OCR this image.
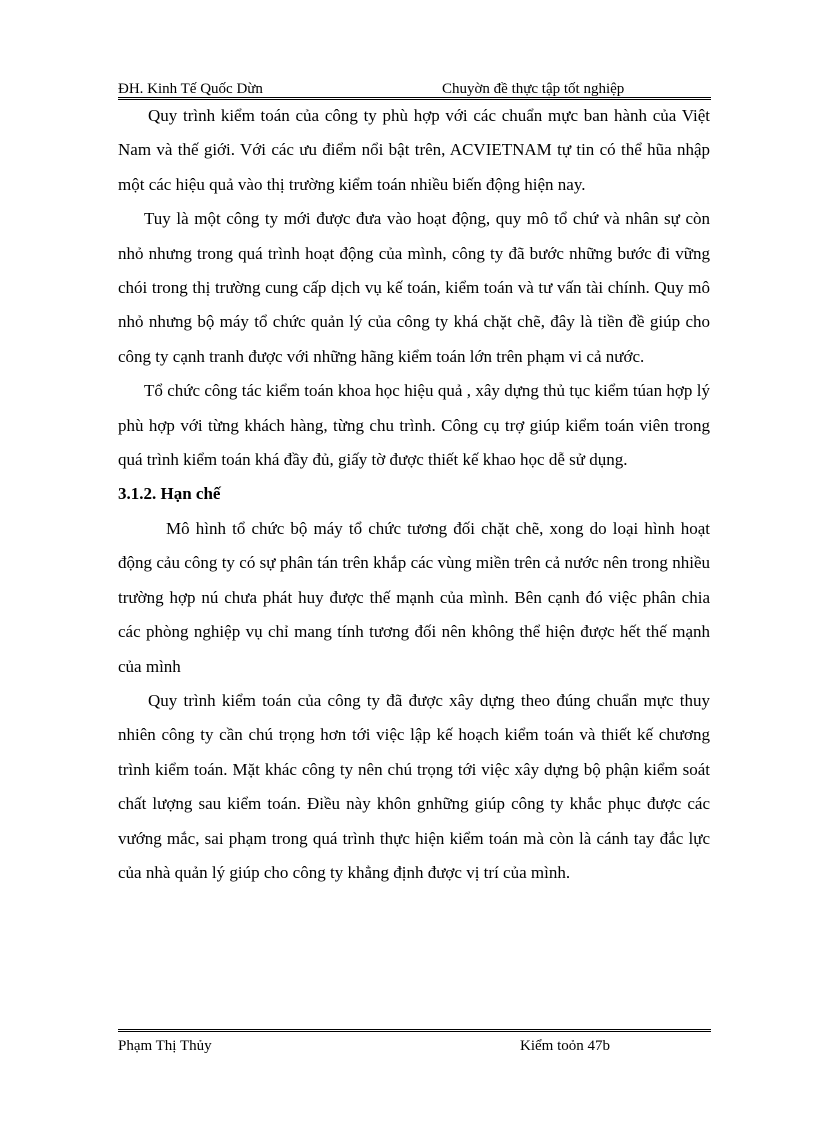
ĐH. Kinh Tế Quốc Dừn	Chuyờn đề thực tập tốt nghiệp

Quy trình kiểm toán của công ty phù hợp với các chuẩn mực ban hành của Việt Nam và thế giới. Với các ưu điểm nổi bật trên, ACVIETNAM tự tin có thể hũa nhập một các hiệu quả vào thị trường kiểm toán nhiều biến động hiện nay.

Tuy là một công ty mới được đưa vào hoạt động, quy mô tổ chứ và nhân sự còn nhỏ nhưng trong quá trình hoạt động của mình, công ty đã bước những bước đi vững chói trong thị trường cung cấp dịch vụ kế toán, kiểm toán và tư vấn tài chính. Quy mô nhỏ nhưng bộ máy tổ chức quản lý của công ty khá chặt chẽ, đây là tiền đề giúp cho công ty cạnh tranh được với những hãng kiểm toán lớn trên phạm vi cả nước.

Tổ chức công tác kiểm toán khoa học hiệu quả , xây dựng thủ tục kiểm túan hợp lý phù hợp với từng khách hàng, từng chu trình. Công cụ trợ giúp kiểm toán viên trong quá trình kiểm toán khá đầy đủ, giấy tờ được thiết kế khao học dễ sử dụng.

3.1.2. Hạn chế

Mô hình tổ chức bộ máy tổ chức tương đối chặt chẽ, xong do loại hình hoạt động cảu công ty có sự phân tán trên khắp các vùng miền trên cả nước nên trong nhiều trường hợp nú chưa phát huy được thế mạnh của mình. Bên cạnh đó việc phân chia các phòng nghiệp vụ chỉ mang tính tương đối nên không thể hiện được hết thế mạnh của mình

Quy trình kiểm toán của công ty đã được xây dựng theo đúng chuẩn mực thuy nhiên công ty cần chú trọng hơn tới việc lập kế hoạch kiểm toán và thiết kế chương trình kiểm toán. Mặt khác công ty nên chú trọng tới việc xây dựng bộ phận kiểm soát chất lượng sau kiểm toán. Điều này khôn gnhững giúp công ty khắc phục được các vướng mắc, sai phạm trong quá trình thực hiện kiểm toán mà còn là cánh tay đắc lực của nhà quản lý giúp cho công ty khẳng định được vị trí của mình.

Phạm Thị Thủy	Kiểm toỏn 47b
